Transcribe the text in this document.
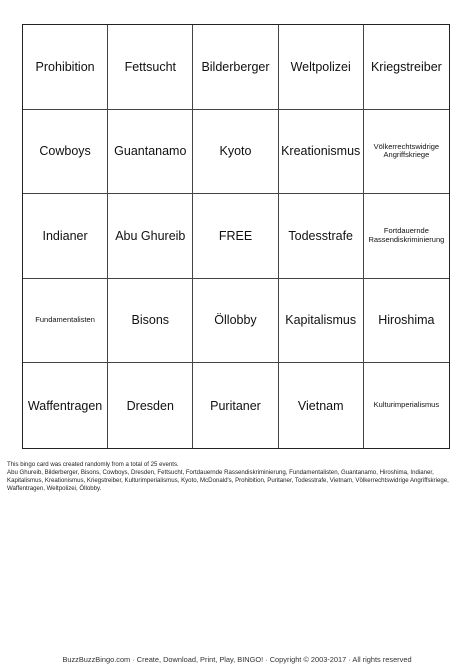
Prohibition	Fettsucht	Bilderberger	Weltpolizei	Kriegstreiber
Cowboys	Guantanamo	Kyoto	Kreationismus	Völkerrechtswidrige Angriffskriege
Indianer	Abu Ghureib	FREE	Todesstrafe	Fortdauernde Rassendiskriminierung
Fundamentalisten	Bisons	Öllobby	Kapitalismus	Hiroshima
Waffentragen	Dresden	Puritaner	Vietnam	Kulturimperialismus
This bingo card was created randomly from a total of 25 events.
Abu Ghureib, Bilderberger, Bisons, Cowboys, Dresden, Fettsucht, Fortdauernde Rassendiskriminierung, Fundamentalisten, Guantanamo, Hiroshima, Indianer, Kapitalismus, Kreationismus, Kriegstreiber, Kulturimperialismus, Kyoto, McDonald's, Prohibition, Puritaner, Todesstrafe, Vietnam, Völkerrechtswidrige Angriffskriege, Waffentragen, Weltpolizei, Öllobby.
BuzzBuzzBingo.com · Create, Download, Print, Play, BINGO! · Copyright © 2003-2017 · All rights reserved
